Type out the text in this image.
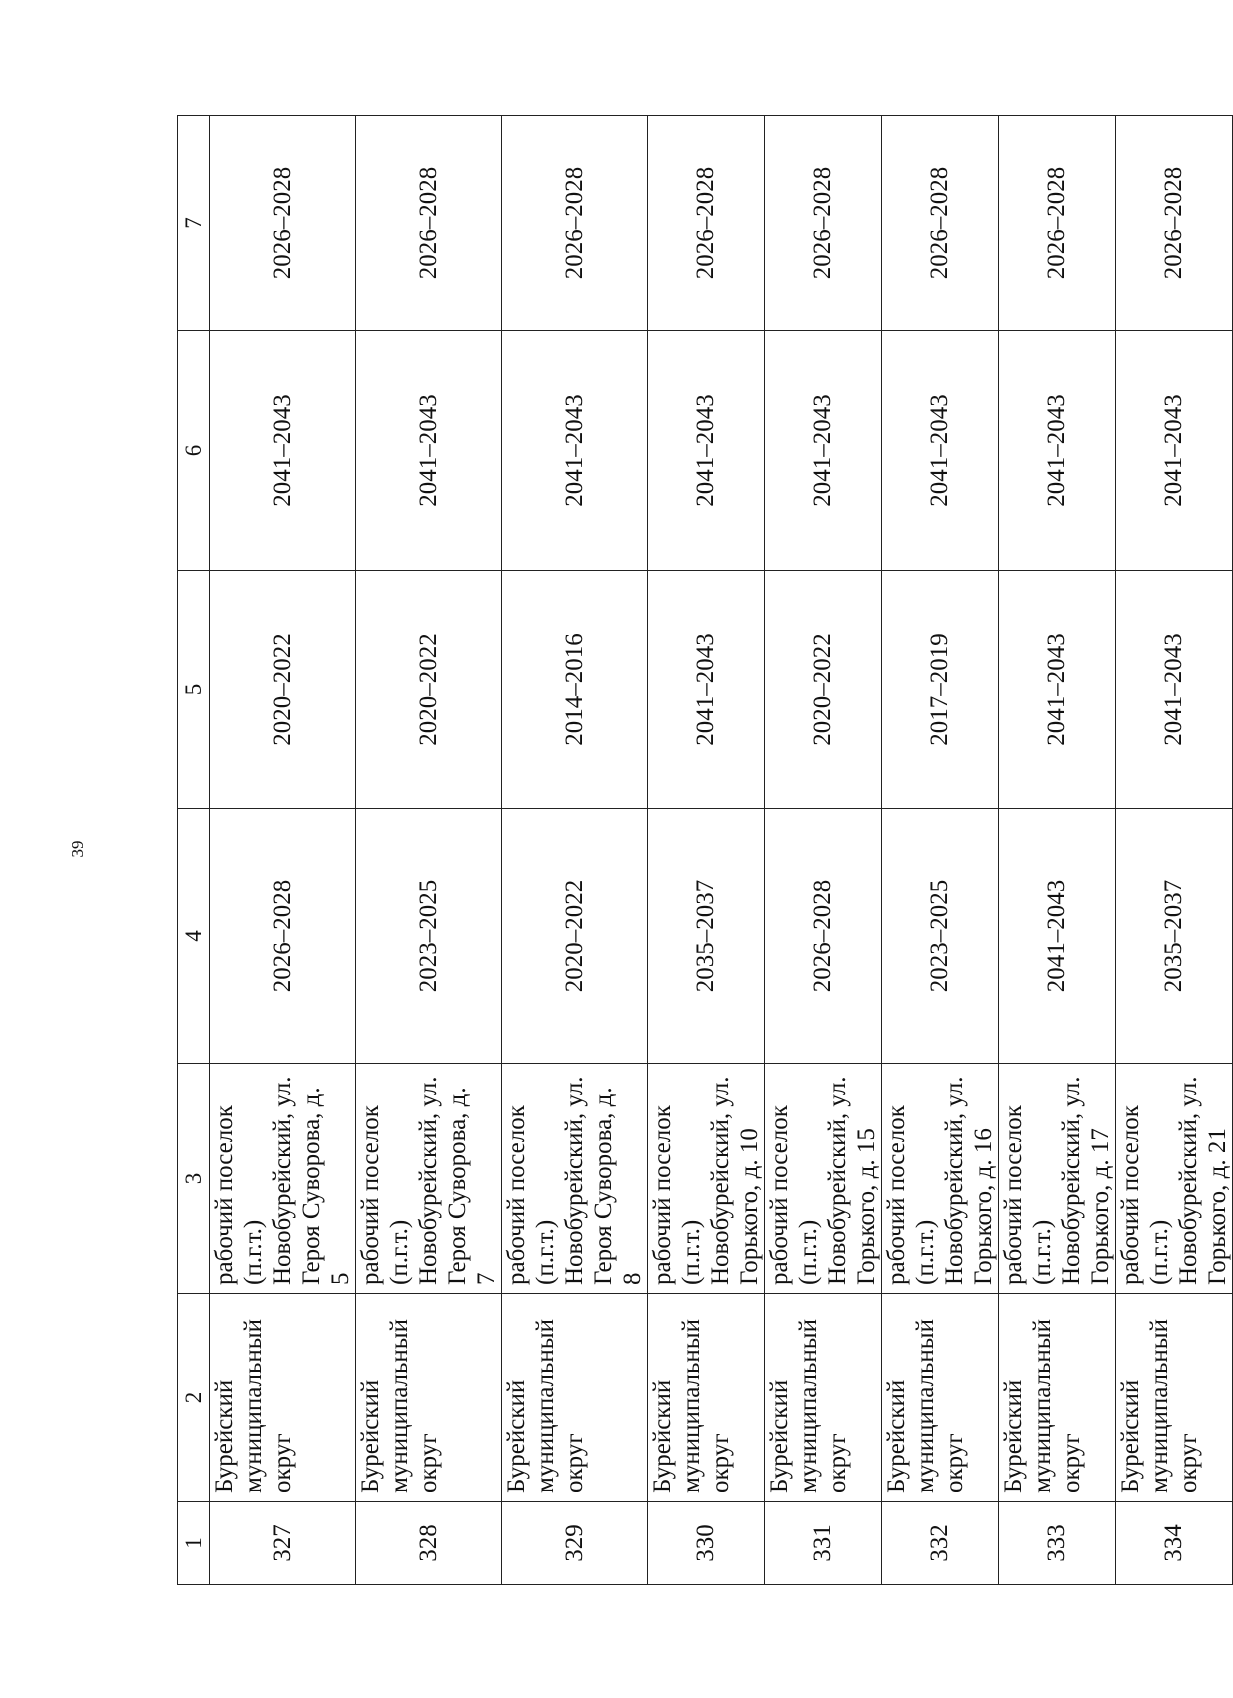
39
1	2	3	4	5	6	7
327	Бурейский муниципальный округ	рабочий поселок (п.г.т.) Новобурейский, ул. Героя Суворова, д. 5	2026–2028	2020–2022	2041–2043	2026–2028
328	Бурейский муниципальный округ	рабочий поселок (п.г.т.) Новобурейский, ул. Героя Суворова, д. 7	2023–2025	2020–2022	2041–2043	2026–2028
329	Бурейский муниципальный округ	рабочий поселок (п.г.т.) Новобурейский, ул. Героя Суворова, д. 8	2020–2022	2014–2016	2041–2043	2026–2028
330	Бурейский муниципальный округ	рабочий поселок (п.г.т.) Новобурейский, ул. Горького, д. 10	2035–2037	2041–2043	2041–2043	2026–2028
331	Бурейский муниципальный округ	рабочий поселок (п.г.т.) Новобурейский, ул. Горького, д. 15	2026–2028	2020–2022	2041–2043	2026–2028
332	Бурейский муниципальный округ	рабочий поселок (п.г.т.) Новобурейский, ул. Горького, д. 16	2023–2025	2017–2019	2041–2043	2026–2028
333	Бурейский муниципальный округ	рабочий поселок (п.г.т.) Новобурейский, ул. Горького, д. 17	2041–2043	2041–2043	2041–2043	2026–2028
334	Бурейский муниципальный округ	рабочий поселок (п.г.т.) Новобурейский, ул. Горького, д. 21	2035–2037	2041–2043	2041–2043	2026–2028
